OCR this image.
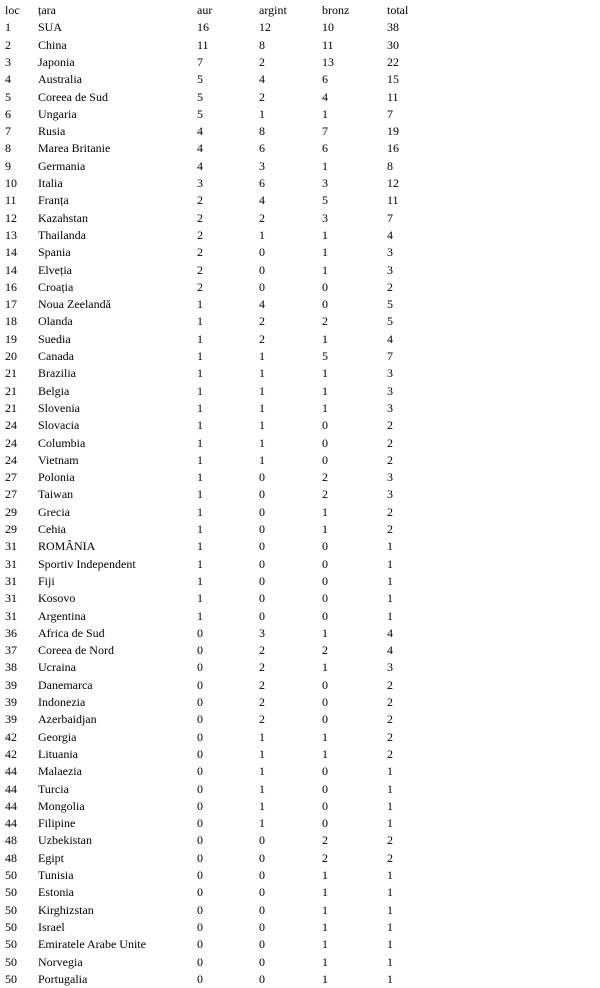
loc	țara	aur	argint	bronz	total
1	SUA	16	12	10	38
2	China	11	8	11	30
3	Japonia	7	2	13	22
4	Australia	5	4	6	15
5	Coreea de Sud	5	2	4	11
6	Ungaria	5	1	1	7
7	Rusia	4	8	7	19
8	Marea Britanie	4	6	6	16
9	Germania	4	3	1	8
10	Italia	3	6	3	12
11	Franța	2	4	5	11
12	Kazahstan	2	2	3	7
13	Thailanda	2	1	1	4
14	Spania	2	0	1	3
14	Elveția	2	0	1	3
16	Croația	2	0	0	2
17	Noua Zeelandă	1	4	0	5
18	Olanda	1	2	2	5
19	Suedia	1	2	1	4
20	Canada	1	1	5	7
21	Brazilia	1	1	1	3
21	Belgia	1	1	1	3
21	Slovenia	1	1	1	3
24	Slovacia	1	1	0	2
24	Columbia	1	1	0	2
24	Vietnam	1	1	0	2
27	Polonia	1	0	2	3
27	Taiwan	1	0	2	3
29	Grecia	1	0	1	2
29	Cehia	1	0	1	2
31	ROMÂNIA	1	0	0	1
31	Sportiv Independent	1	0	0	1
31	Fiji	1	0	0	1
31	Kosovo	1	0	0	1
31	Argentina	1	0	0	1
36	Africa de Sud	0	3	1	4
37	Coreea de Nord	0	2	2	4
38	Ucraina	0	2	1	3
39	Danemarca	0	2	0	2
39	Indonezia	0	2	0	2
39	Azerbaidjan	0	2	0	2
42	Georgia	0	1	1	2
42	Lituania	0	1	1	2
44	Malaezia	0	1	0	1
44	Turcia	0	1	0	1
44	Mongolia	0	1	0	1
44	Filipine	0	1	0	1
48	Uzbekistan	0	0	2	2
48	Egipt	0	0	2	2
50	Tunisia	0	0	1	1
50	Estonia	0	0	1	1
50	Kirghizstan	0	0	1	1
50	Israel	0	0	1	1
50	Emiratele Arabe Unite	0	0	1	1
50	Norvegia	0	0	1	1
50	Portugalia	0	0	1	1
